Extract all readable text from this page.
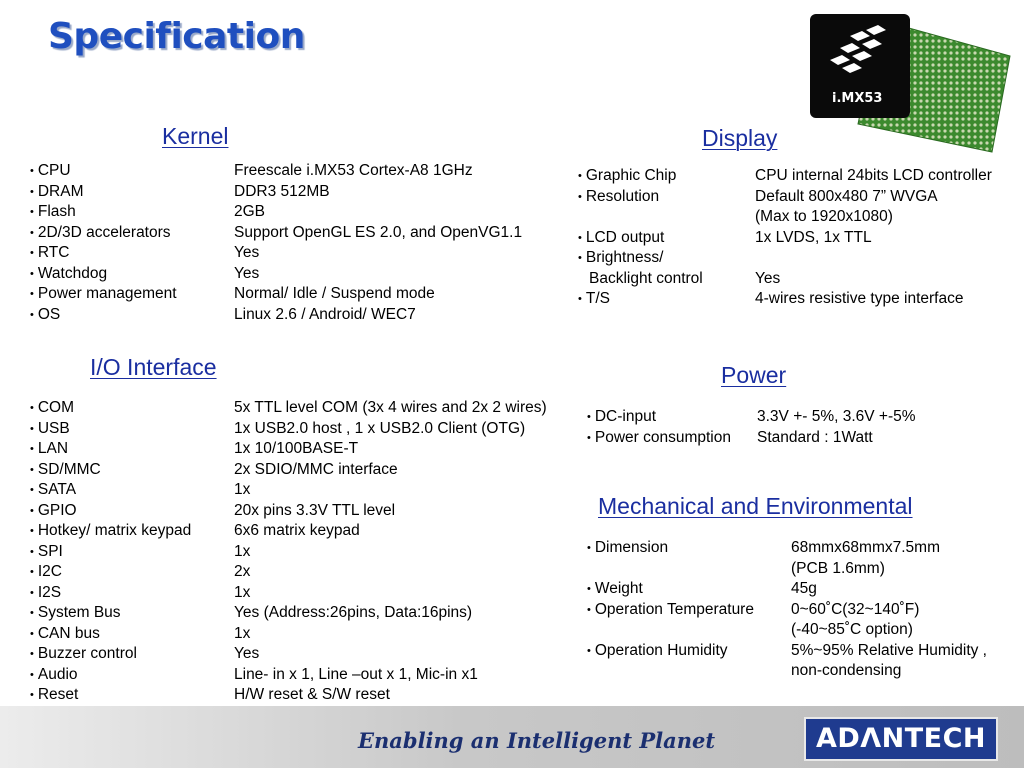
Specification
i.MX53
Kernel
• CPU	Freescale i.MX53 Cortex-A8 1GHz
• DRAM	DDR3 512MB
• Flash	2GB
• 2D/3D accelerators	Support OpenGL ES 2.0, and OpenVG1.1
• RTC	Yes
• Watchdog	Yes
• Power management	Normal/ Idle / Suspend mode
• OS	Linux 2.6 / Android/ WEC7
Display
• Graphic Chip	CPU internal 24bits LCD controller
• Resolution	Default 800x480 7” WVGA
(Max to 1920x1080)
• LCD output	1x LVDS, 1x TTL
• Brightness/
Backlight control	Yes
• T/S	4-wires resistive type interface
I/O Interface
• COM	5x TTL level COM (3x 4 wires and 2x 2 wires)
• USB	1x USB2.0 host , 1 x USB2.0 Client (OTG)
• LAN	1x 10/100BASE-T
• SD/MMC	2x SDIO/MMC interface
• SATA	1x
• GPIO	20x pins 3.3V TTL level
• Hotkey/ matrix keypad	6x6 matrix keypad
• SPI	1x
• I2C	2x
• I2S	1x
• System Bus	Yes (Address:26pins, Data:16pins)
• CAN bus	1x
• Buzzer control	Yes
• Audio	Line- in x 1, Line –out x 1, Mic-in x1
• Reset	H/W reset & S/W reset
Power
• DC-input	3.3V +- 5%, 3.6V +-5%
• Power consumption Standard : 1Watt
Mechanical and Environmental
• Dimension	68mmx68mmx7.5mm
(PCB 1.6mm)
• Weight	45g
• Operation Temperature 0~60˚C(32~140˚F)
(-40~85˚C option)
• Operation Humidity	5%~95% Relative Humidity ,
non-condensing
Enabling an Intelligent Planet	ADΛNTECH
